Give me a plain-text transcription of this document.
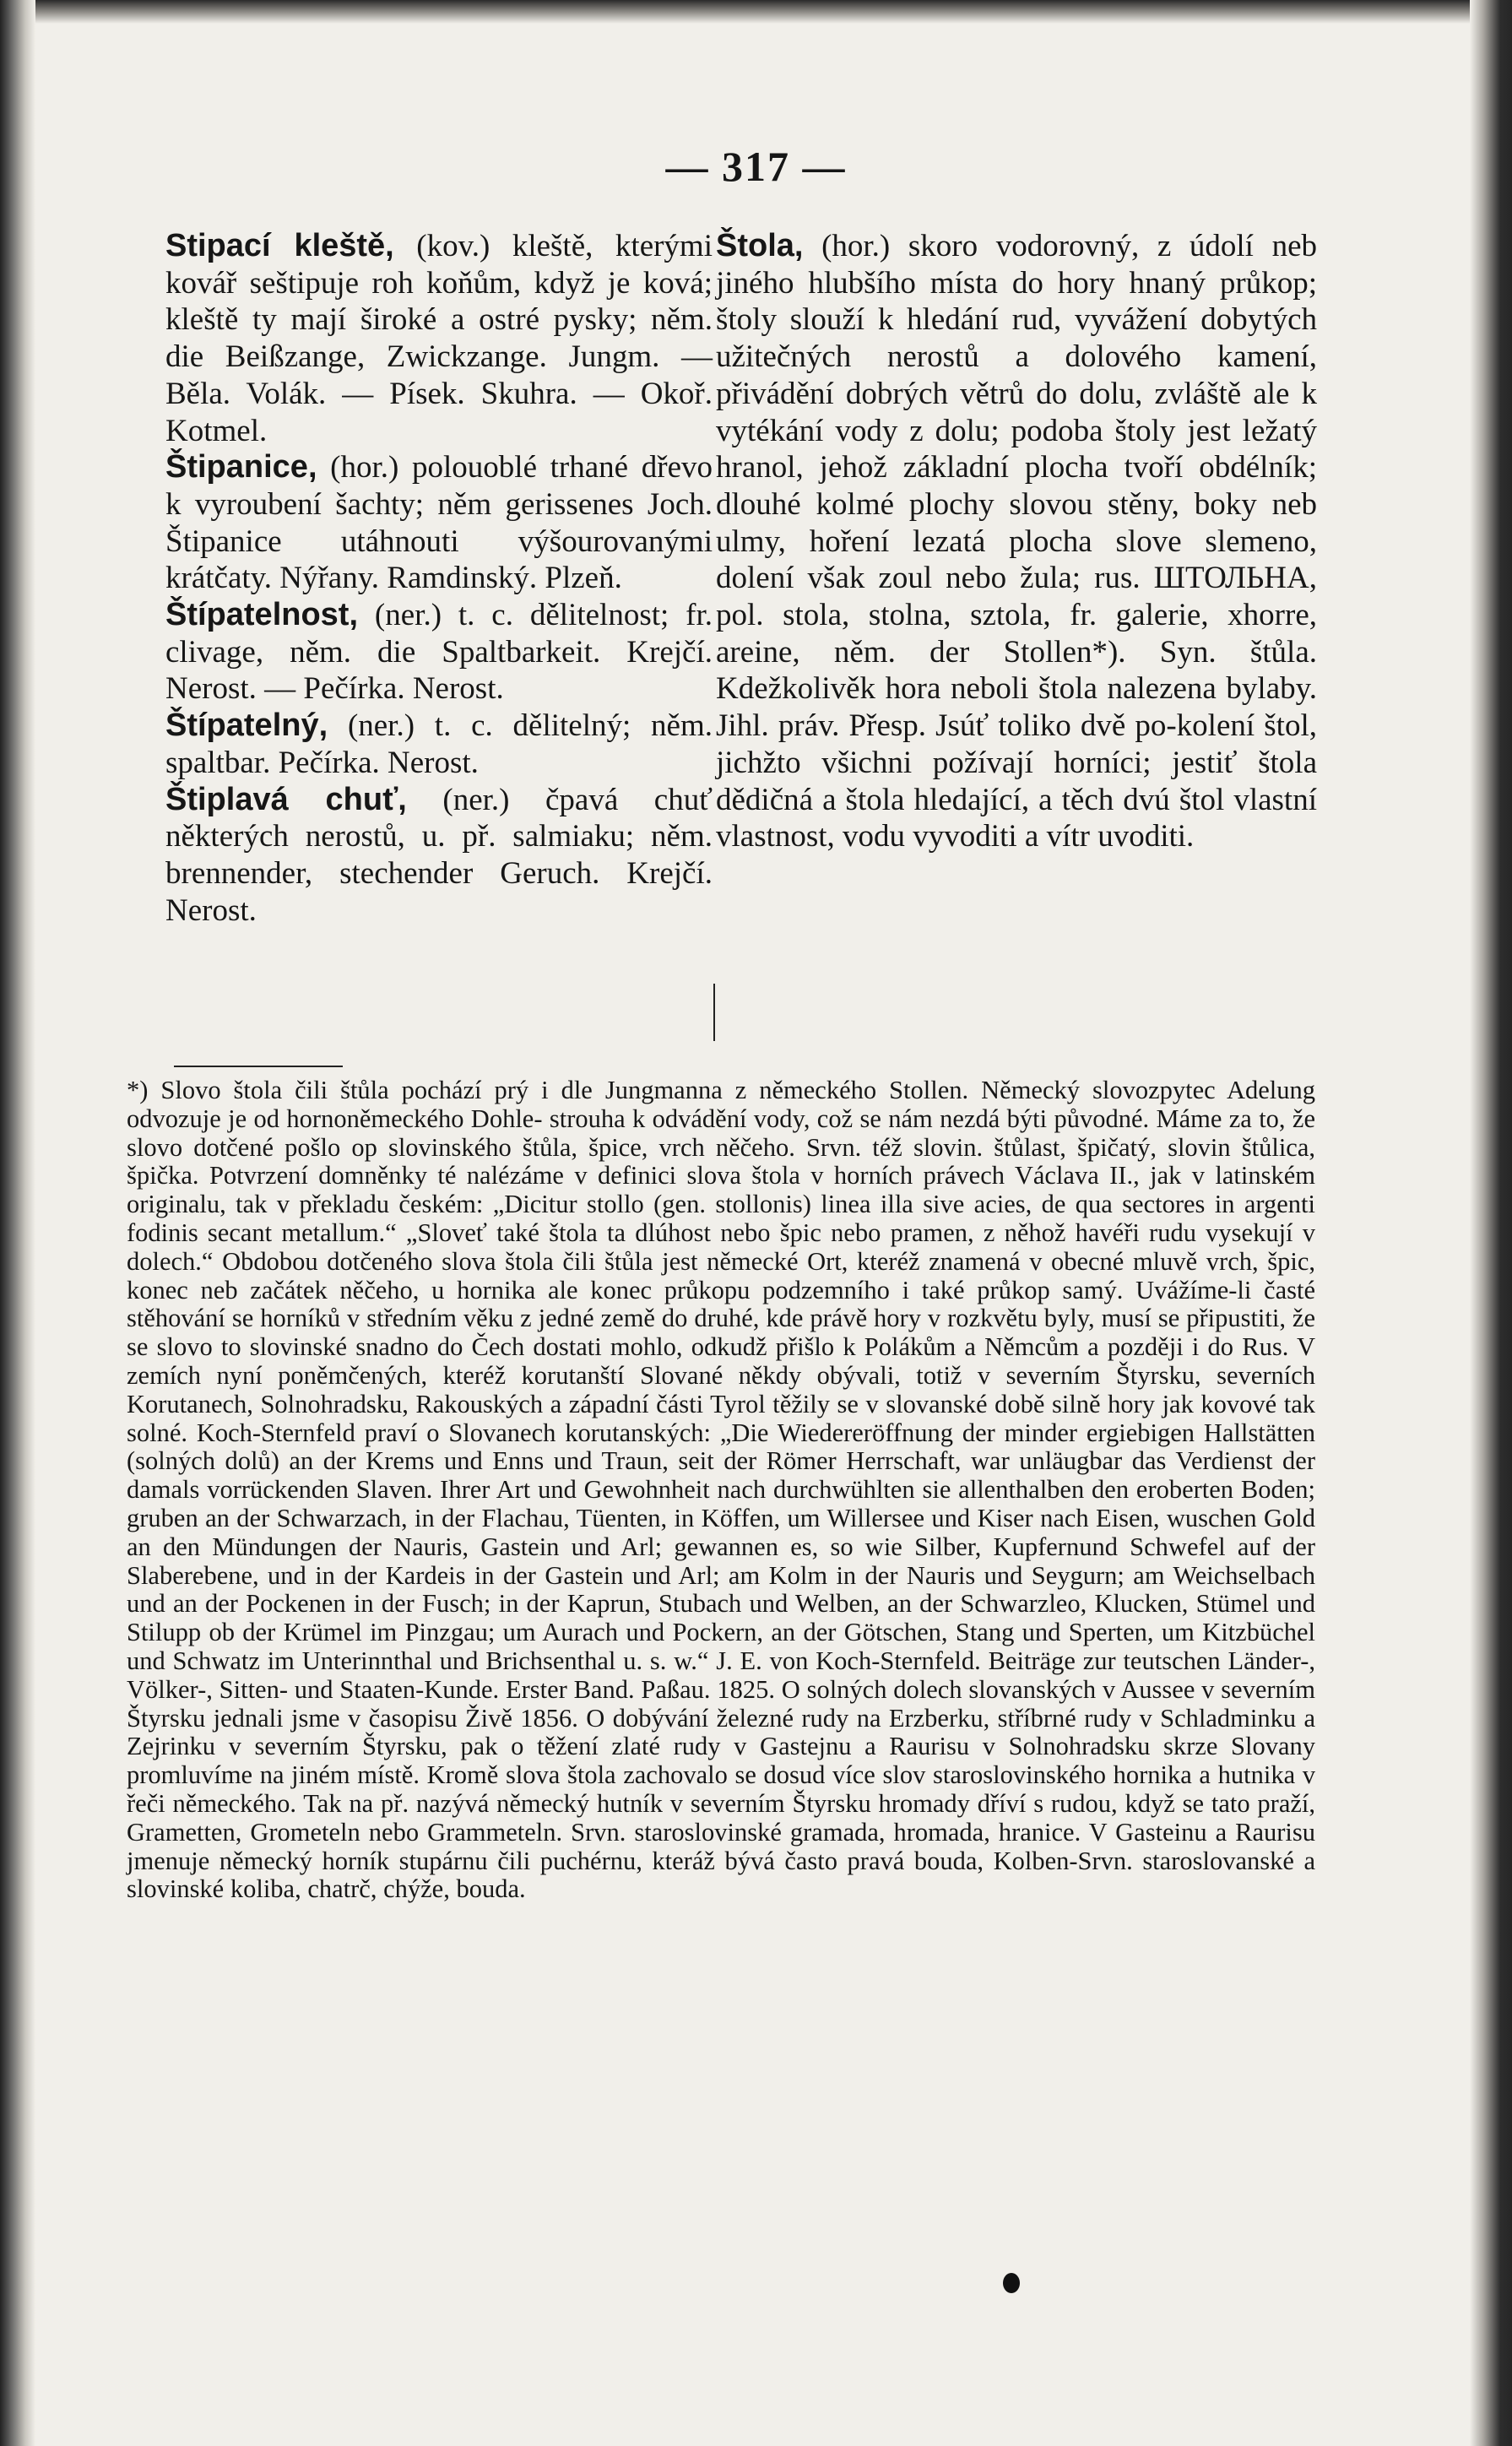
— 317 —

Stipací kleště, (kov.) kleště, kterými kovář seštipuje roh koňům, když je ková; kleště ty mají široké a ostré pysky; něm. die Beißzange, Zwickzange. Jungm. — Běla. Volák. — Písek. Skuhra. — Okoř. Kotmel.

Štipanice, (hor.) polouoblé trhané dřevo k vyroubení šachty; něm gerissenes Joch. Štipanice utáhnouti výšourovanými krátčaty. Nýřany. Ramdinský. Plzeň.

Štípatelnost, (ner.) t. c. dělitelnost; fr. clivage, něm. die Spaltbarkeit. Krejčí. Nerost. — Pečírka. Nerost.

Štípatelný, (ner.) t. c. dělitelný; něm. spaltbar. Pečírka. Nerost.

Štiplavá chuť, (ner.) čpavá chuť některých nerostů, u. př. salmiaku; něm. brennender, stechender Geruch. Krejčí. Nerost.

Štola, (hor.) skoro vodorovný, z údolí neb jiného hlubšího místa do hory hnaný průkop; štoly slouží k hledání rud, vyvážení dobytých užitečných nerostů a dolového kamení, přivádění dobrých větrů do dolu, zvláště ale k vytékání vody z dolu; podoba štoly jest ležatý hranol, jehož základní plocha tvoří obdélník; dlouhé kolmé plochy slovou stěny, boky neb ulmy, hoření lezatá plocha slove slemeno, dolení však zoul nebo žula; rus. ШТОЛЬНА, pol. stola, stolna, sztola, fr. galerie, xhorre, areine, něm. der Stollen*). Syn. štůla. Kdežkolivěk hora neboli štola nalezena bylaby. Jihl. práv. Přesp. Jsúť toliko dvě po-kolení štol, jichžto všichni požívají horníci; jestiť štola dědičná a štola hledající, a těch dvú štol vlastní vlastnost, vodu vyvoditi a vítr uvoditi.

*) Slovo štola čili štůla pochází prý i dle Jungmanna z německého Stollen. Německý slovozpytec Adelung odvozuje je od hornoněmeckého Dohle- strouha k odvádění vody, což se nám nezdá býti původné. Máme za to, že slovo dotčené pošlo op slovinského štůla, špice, vrch něčeho. Srvn. též slovin. štůlast, špičatý, slovin štůlica, špička. Potvrzení domněnky té nalézáme v definici slova štola v horních právech Václava II., jak v latinském originalu, tak v překladu českém: „Dicitur stollo (gen. stollonis) linea illa sive acies, de qua sectores in argenti fodinis secant metallum.“ „Sloveť také štola ta dlúhost nebo špic nebo pramen, z něhož havéři rudu vysekují v dolech.“ Obdobou dotčeného slova štola čili štůla jest německé Ort, kteréž znamená v obecné mluvě vrch, špic, konec neb začátek něčeho, u hornika ale konec průkopu podzemního i také průkop samý. Uvážíme-li časté stěhování se horníků v středním věku z jedné země do druhé, kde právě hory v rozkvětu byly, musí se připustiti, že se slovo to slovinské snadno do Čech dostati mohlo, odkudž přišlo k Polákům a Němcům a později i do Rus. V zemích nyní poněmčených, kteréž korutanští Slované někdy obývali, totiž v severním Štyrsku, severních Korutanech, Solnohradsku, Rakouských a západní části Tyrol těžily se v slovanské době silně hory jak kovové tak solné. Koch-Sternfeld praví o Slovanech korutanských: „Die Wiedereröffnung der minder ergiebigen Hallstätten (solných dolů) an der Krems und Enns und Traun, seit der Römer Herrschaft, war unläugbar das Verdienst der damals vorrückenden Slaven. Ihrer Art und Gewohnheit nach durchwühlten sie allenthalben den eroberten Boden; gruben an der Schwarzach, in der Flachau, Tüenten, in Köffen, um Willersee und Kiser nach Eisen, wuschen Gold an den Mündungen der Nauris, Gastein und Arl; gewannen es, so wie Silber, Kupfernund Schwefel auf der Slaberebene, und in der Kardeis in der Gastein und Arl; am Kolm in der Nauris und Seygurn; am Weichselbach und an der Pockenen in der Fusch; in der Kaprun, Stubach und Welben, an der Schwarzleo, Klucken, Stümel und Stilupp ob der Krümel im Pinzgau; um Aurach und Pockern, an der Götschen, Stang und Sperten, um Kitzbüchel und Schwatz im Unterinnthal und Brichsenthal u. s. w.“ J. E. von Koch-Sternfeld. Beiträge zur teutschen Länder-, Völker-, Sitten- und Staaten-Kunde. Erster Band. Paßau. 1825. O solných dolech slovanských v Aussee v severním Štyrsku jednali jsme v časopisu Živě 1856. O dobývání železné rudy na Erzberku, stříbrné rudy v Schladminku a Zejrinku v severním Štyrsku, pak o těžení zlaté rudy v Gastejnu a Raurisu v Solnohradsku skrze Slovany promluvíme na jiném místě. Kromě slova štola zachovalo se dosud více slov staroslovinského hornika a hutnika v řeči německého. Tak na př. nazývá německý hutník v severním Štyrsku hromady dříví s rudou, když se tato praží, Grametten, Grometeln nebo Grammeteln. Srvn. staroslovinské gramada, hromada, hranice. V Gasteinu a Raurisu jmenuje německý horník stupárnu čili puchérnu, kteráž bývá často pravá bouda, Kolben-Srvn. staroslovanské a slovinské koliba, chatrč, chýže, bouda.
